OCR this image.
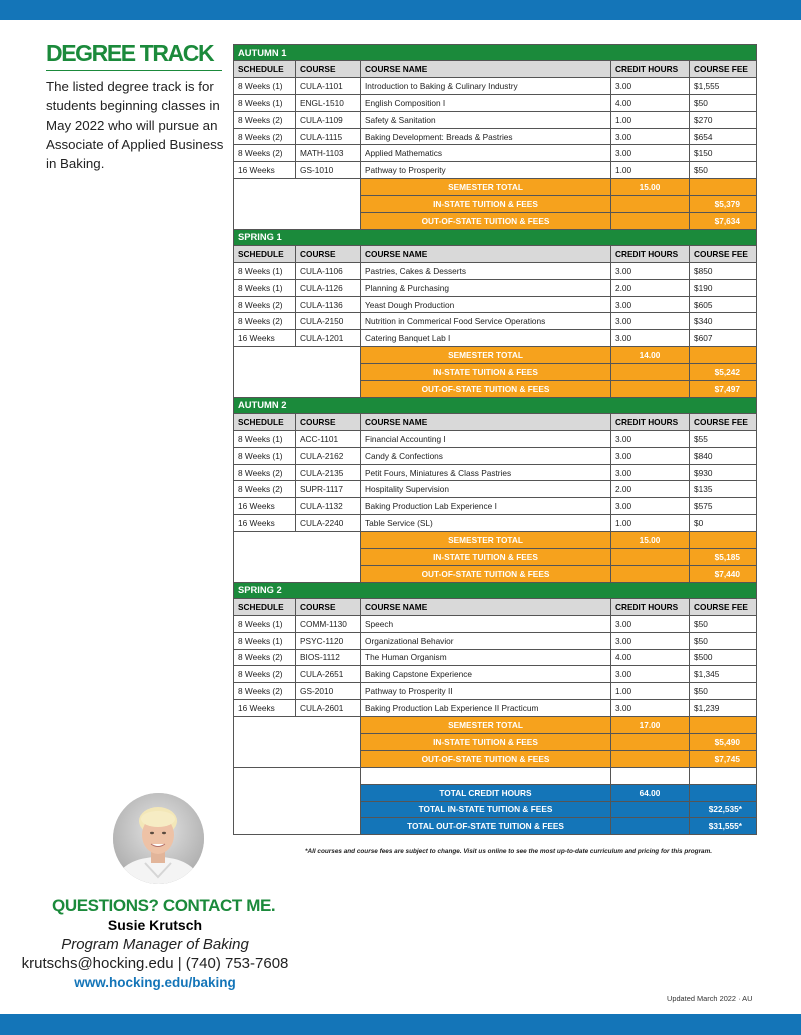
DEGREE TRACK
The listed degree track is for students beginning classes in May 2022 who will pursue an Associate of Applied Business in Baking.
AUTUMN 1				
SCHEDULE	COURSE	COURSE NAME	CREDIT HOURS	COURSE FEE
8 Weeks (1)	CULA-1101	Introduction to Baking & Culinary Industry	3.00	$1,555
8 Weeks (1)	ENGL-1510	English Composition I	4.00	$50
8 Weeks (2)	CULA-1109	Safety & Sanitation	1.00	$270
8 Weeks (2)	CULA-1115	Baking Development: Breads & Pastries	3.00	$654
8 Weeks (2)	MATH-1103	Applied Mathematics	3.00	$150
16 Weeks	GS-1010	Pathway to Prosperity	1.00	$50
		SEMESTER TOTAL	15.00	
		IN-STATE TUITION & FEES		$5,379
		OUT-OF-STATE TUITION & FEES		$7,634
SPRING 1				
SCHEDULE	COURSE	COURSE NAME	CREDIT HOURS	COURSE FEE
8 Weeks (1)	CULA-1106	Pastries, Cakes & Desserts	3.00	$850
8 Weeks (1)	CULA-1126	Planning & Purchasing	2.00	$190
8 Weeks (2)	CULA-1136	Yeast Dough Production	3.00	$605
8 Weeks (2)	CULA-2150	Nutrition in Commerical Food Service Operations	3.00	$340
16 Weeks	CULA-1201	Catering Banquet Lab I	3.00	$607
		SEMESTER TOTAL	14.00	
		IN-STATE TUITION & FEES		$5,242
		OUT-OF-STATE TUITION & FEES		$7,497
AUTUMN 2				
SCHEDULE	COURSE	COURSE NAME	CREDIT HOURS	COURSE FEE
8 Weeks (1)	ACC-1101	Financial Accounting I	3.00	$55
8 Weeks (1)	CULA-2162	Candy & Confections	3.00	$840
8 Weeks (2)	CULA-2135	Petit Fours, Miniatures & Class Pastries	3.00	$930
8 Weeks (2)	SUPR-1117	Hospitality Supervision	2.00	$135
16 Weeks	CULA-1132	Baking Production Lab Experience I	3.00	$575
16 Weeks	CULA-2240	Table Service (SL)	1.00	$0
		SEMESTER TOTAL	15.00	
		IN-STATE TUITION & FEES		$5,185
		OUT-OF-STATE TUITION & FEES		$7,440
SPRING 2				
SCHEDULE	COURSE	COURSE NAME	CREDIT HOURS	COURSE FEE
8 Weeks (1)	COMM-1130	Speech	3.00	$50
8 Weeks (1)	PSYC-1120	Organizational Behavior	3.00	$50
8 Weeks (2)	BIOS-1112	The Human Organism	4.00	$500
8 Weeks (2)	CULA-2651	Baking Capstone Experience	3.00	$1,345
8 Weeks (2)	GS-2010	Pathway to Prosperity II	1.00	$50
16 Weeks	CULA-2601	Baking Production Lab Experience II Practicum	3.00	$1,239
		SEMESTER TOTAL	17.00	
		IN-STATE TUITION & FEES		$5,490
		OUT-OF-STATE TUITION & FEES		$7,745

		TOTAL CREDIT HOURS	64.00	
		TOTAL IN-STATE TUITION & FEES		$22,535*
		TOTAL OUT-OF-STATE TUITION & FEES		$31,555*
*All courses and course fees are subject to change. Visit us online to see the most up-to-date curriculum and pricing for this program.
QUESTIONS? CONTACT ME.
Susie Krutsch
Program Manager of Baking
krutschs@hocking.edu | (740) 753-7608
www.hocking.edu/baking
Updated March 2022 · AU
